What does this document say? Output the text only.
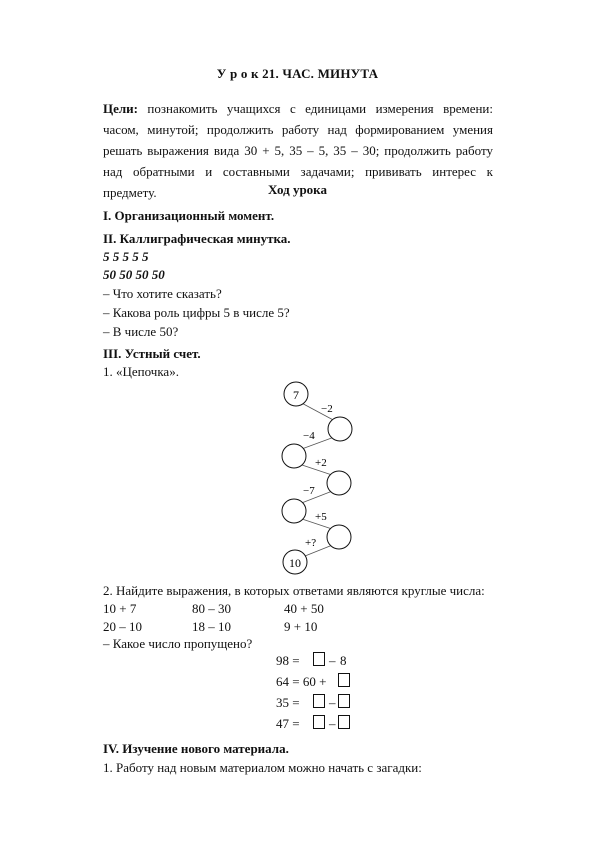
У р о к 21. ЧАС. МИНУТА
Цели: познакомить учащихся с единицами измерения времени: часом, минутой; продолжить работу над формированием умения решать выражения вида 30 + 5, 35 – 5, 35 – 30; продолжить работу над обратными и составными задачами; прививать интерес к предмету.	Ход урока
I. Организационный момент.
II. Каллиграфическая минутка.
5 5 5 5 5
50 50 50 50
– Что хотите сказать?
– Какова роль цифры 5 в числе 5?
– В числе 50?
III. Устный счет.
1. «Цепочка».
7
10
−2
−4
+2
−7
+5
+?
2. Найдите выражения, в которых ответами являются круглые числа:
10 + 7	80 – 30	40 + 50
20 – 10	18 – 10	9 + 10
– Какое число пропущено?
98 = – 8
64 = 60 +
35 = –
47 = –
IV. Изучение нового материала.
1. Работу над новым материалом можно начать с загадки:
